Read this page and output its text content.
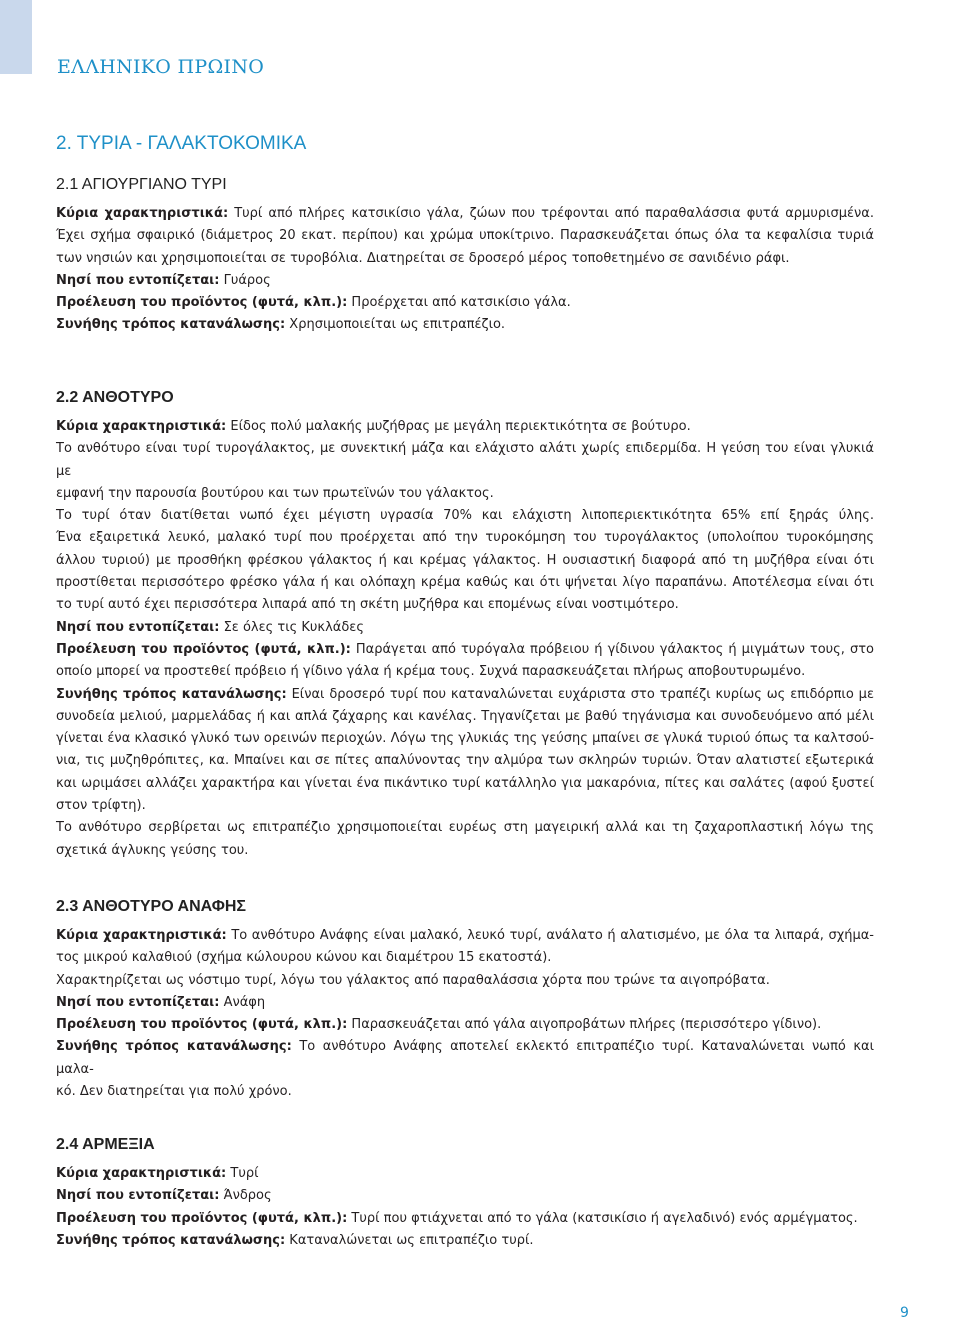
ΕΛΛΗΝΙΚΟ ΠΡΩΙΝΟ
2. ΤΥΡΙΑ - ΓΑΛΑΚΤΟΚΟΜΙΚΑ
2.1 ΑΓΙΟΥΡΓΙΑΝΟ ΤΥΡΙ
Κύρια χαρακτηριστικά: Τυρί από πλήρες κατσικίσιο γάλα, ζώων που τρέφονται από παραθαλάσσια φυτά αρμυρισμένα.
Έχει σχήμα σφαιρικό (διάμετρος 20 εκατ. περίπου) και χρώμα υποκίτρινο. Παρασκευάζεται όπως όλα τα κεφαλίσια τυριά
των νησιών και χρησιμοποιείται σε τυροβόλια. Διατηρείται σε δροσερό μέρος τοποθετημένο σε σανιδένιο ράφι.
Νησί που εντοπίζεται: Γυάρος
Προέλευση του προϊόντος (φυτά, κλπ.): Προέρχεται από κατσικίσιο γάλα.
Συνήθης τρόπος κατανάλωσης: Χρησιμοποιείται ως επιτραπέζιο.
2.2 ΑΝΘΟΤΥΡΟ
Κύρια χαρακτηριστικά: Είδος πολύ μαλακής μυζήθρας με μεγάλη περιεκτικότητα σε βούτυρο.
Το ανθότυρο είναι τυρί τυρογάλακτος, με συνεκτική μάζα και ελάχιστο αλάτι χωρίς επιδερμίδα. Η γεύση του είναι γλυκιά με
εμφανή την παρουσία βουτύρου και των πρωτεϊνών του γάλακτος.
Το τυρί όταν διατίθεται νωπό έχει μέγιστη υγρασία 70% και ελάχιστη λιποπεριεκτικότητα 65% επί ξηράς ύλης.
Ένα εξαιρετικά λευκό, μαλακό τυρί που προέρχεται από την τυροκόμηση του τυρογάλακτος (υπολοίπου τυροκόμησης
άλλου τυριού) με προσθήκη φρέσκου γάλακτος ή και κρέμας γάλακτος. Η ουσιαστική διαφορά από τη μυζήθρα είναι ότι
προστίθεται περισσότερο φρέσκο γάλα ή και ολόπαχη κρέμα καθώς και ότι ψήνεται λίγο παραπάνω. Αποτέλεσμα είναι ότι
το τυρί αυτό έχει περισσότερα λιπαρά από τη σκέτη μυζήθρα και επομένως είναι νοστιμότερο.
Νησί που εντοπίζεται: Σε όλες τις Κυκλάδες
Προέλευση του προϊόντος (φυτά, κλπ.): Παράγεται από τυρόγαλα πρόβειου ή γίδινου γάλακτος ή μιγμάτων τους, στο
οποίο μπορεί να προστεθεί πρόβειο ή γίδινο γάλα ή κρέμα τους. Συχνά παρασκευάζεται πλήρως αποβουτυρωμένο.
Συνήθης τρόπος κατανάλωσης: Είναι δροσερό τυρί που καταναλώνεται ευχάριστα στο τραπέζι κυρίως ως επιδόρπιο με
συνοδεία μελιού, μαρμελάδας ή και απλά ζάχαρης και κανέλας. Τηγανίζεται με βαθύ τηγάνισμα και συνοδευόμενο από μέλι
γίνεται ένα κλασικό γλυκό των ορεινών περιοχών. Λόγω της γλυκιάς της γεύσης μπαίνει σε γλυκά τυριού όπως τα καλτσού-
νια, τις μυζηθρόπιτες, κα. Μπαίνει και σε πίτες απαλύνοντας την αλμύρα των σκληρών τυριών. Όταν αλατιστεί εξωτερικά
και ωριμάσει αλλάζει χαρακτήρα και γίνεται ένα πικάντικο τυρί κατάλληλο για μακαρόνια, πίτες και σαλάτες (αφού ξυστεί
στον τρίφτη).
Το ανθότυρο σερβίρεται ως επιτραπέζιο χρησιμοποιείται ευρέως στη μαγειρική αλλά και τη ζαχαροπλαστική λόγω της
σχετικά άγλυκης γεύσης του.
2.3 ΑΝΘΟΤΥΡΟ ΑΝΑΦΗΣ
Κύρια χαρακτηριστικά: Το ανθότυρο Ανάφης είναι μαλακό, λευκό τυρί, ανάλατο ή αλατισμένο, με όλα τα λιπαρά, σχήμα-
τος μικρού καλαθιού (σχήμα κώλουρου κώνου και διαμέτρου 15 εκατοστά).
Χαρακτηρίζεται ως νόστιμο τυρί, λόγω του γάλακτος από παραθαλάσσια χόρτα που τρώνε τα αιγοπρόβατα.
Νησί που εντοπίζεται: Ανάφη
Προέλευση του προϊόντος (φυτά, κλπ.): Παρασκευάζεται από γάλα αιγοπροβάτων πλήρες (περισσότερο γίδινο).
Συνήθης τρόπος κατανάλωσης: Το ανθότυρο Ανάφης αποτελεί εκλεκτό επιτραπέζιο τυρί. Καταναλώνεται νωπό και μαλα-
κό. Δεν διατηρείται για πολύ χρόνο.
2.4 ΑΡΜΕΞΙΑ
Κύρια χαρακτηριστικά: Τυρί
Νησί που εντοπίζεται: Άνδρος
Προέλευση του προϊόντος (φυτά, κλπ.): Τυρί που φτιάχνεται από το γάλα (κατσικίσιο ή αγελαδινό) ενός αρμέγματος.
Συνήθης τρόπος κατανάλωσης: Καταναλώνεται ως επιτραπέζιο τυρί.
9
